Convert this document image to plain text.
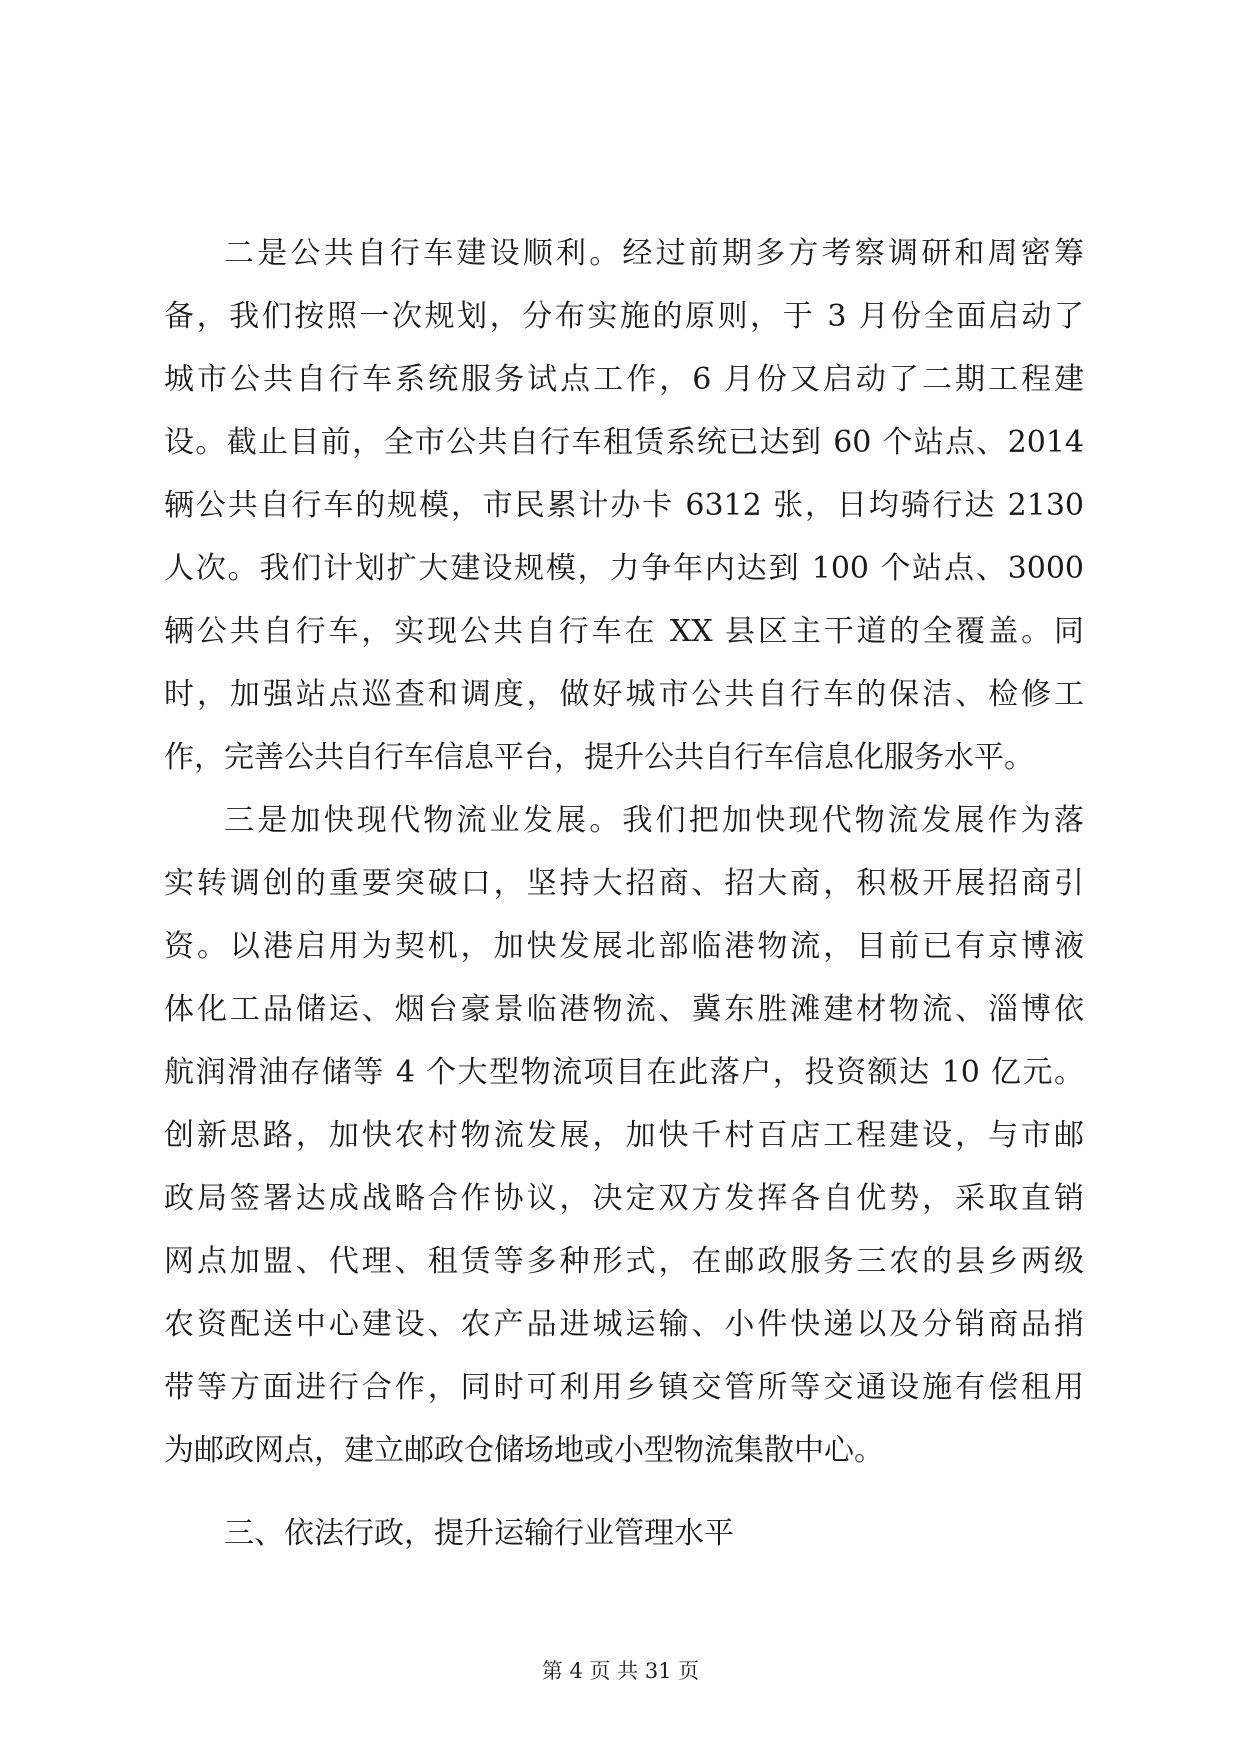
二是公共自行车建设顺利。经过前期多方考察调研和周密筹
备，我们按照一次规划，分布实施的原则，于 3 月份全面启动了
城市公共自行车系统服务试点工作，6 月份又启动了二期工程建
设。截止目前，全市公共自行车租赁系统已达到 60 个站点、2014
辆公共自行车的规模，市民累计办卡 6312 张，日均骑行达 2130
人次。我们计划扩大建设规模，力争年内达到 100 个站点、3000
辆公共自行车，实现公共自行车在 XX 县区主干道的全覆盖。同
时，加强站点巡查和调度，做好城市公共自行车的保洁、检修工
作，完善公共自行车信息平台，提升公共自行车信息化服务水平。
三是加快现代物流业发展。我们把加快现代物流发展作为落
实转调创的重要突破口，坚持大招商、招大商，积极开展招商引
资。以港启用为契机，加快发展北部临港物流，目前已有京博液
体化工品储运、烟台豪景临港物流、冀东胜滩建材物流、淄博依
航润滑油存储等 4 个大型物流项目在此落户，投资额达 10 亿元。
创新思路，加快农村物流发展，加快千村百店工程建设，与市邮
政局签署达成战略合作协议，决定双方发挥各自优势，采取直销
网点加盟、代理、租赁等多种形式，在邮政服务三农的县乡两级
农资配送中心建设、农产品进城运输、小件快递以及分销商品捎
带等方面进行合作，同时可利用乡镇交管所等交通设施有偿租用
为邮政网点，建立邮政仓储场地或小型物流集散中心。
三、依法行政，提升运输行业管理水平
第 4 页 共 31 页
